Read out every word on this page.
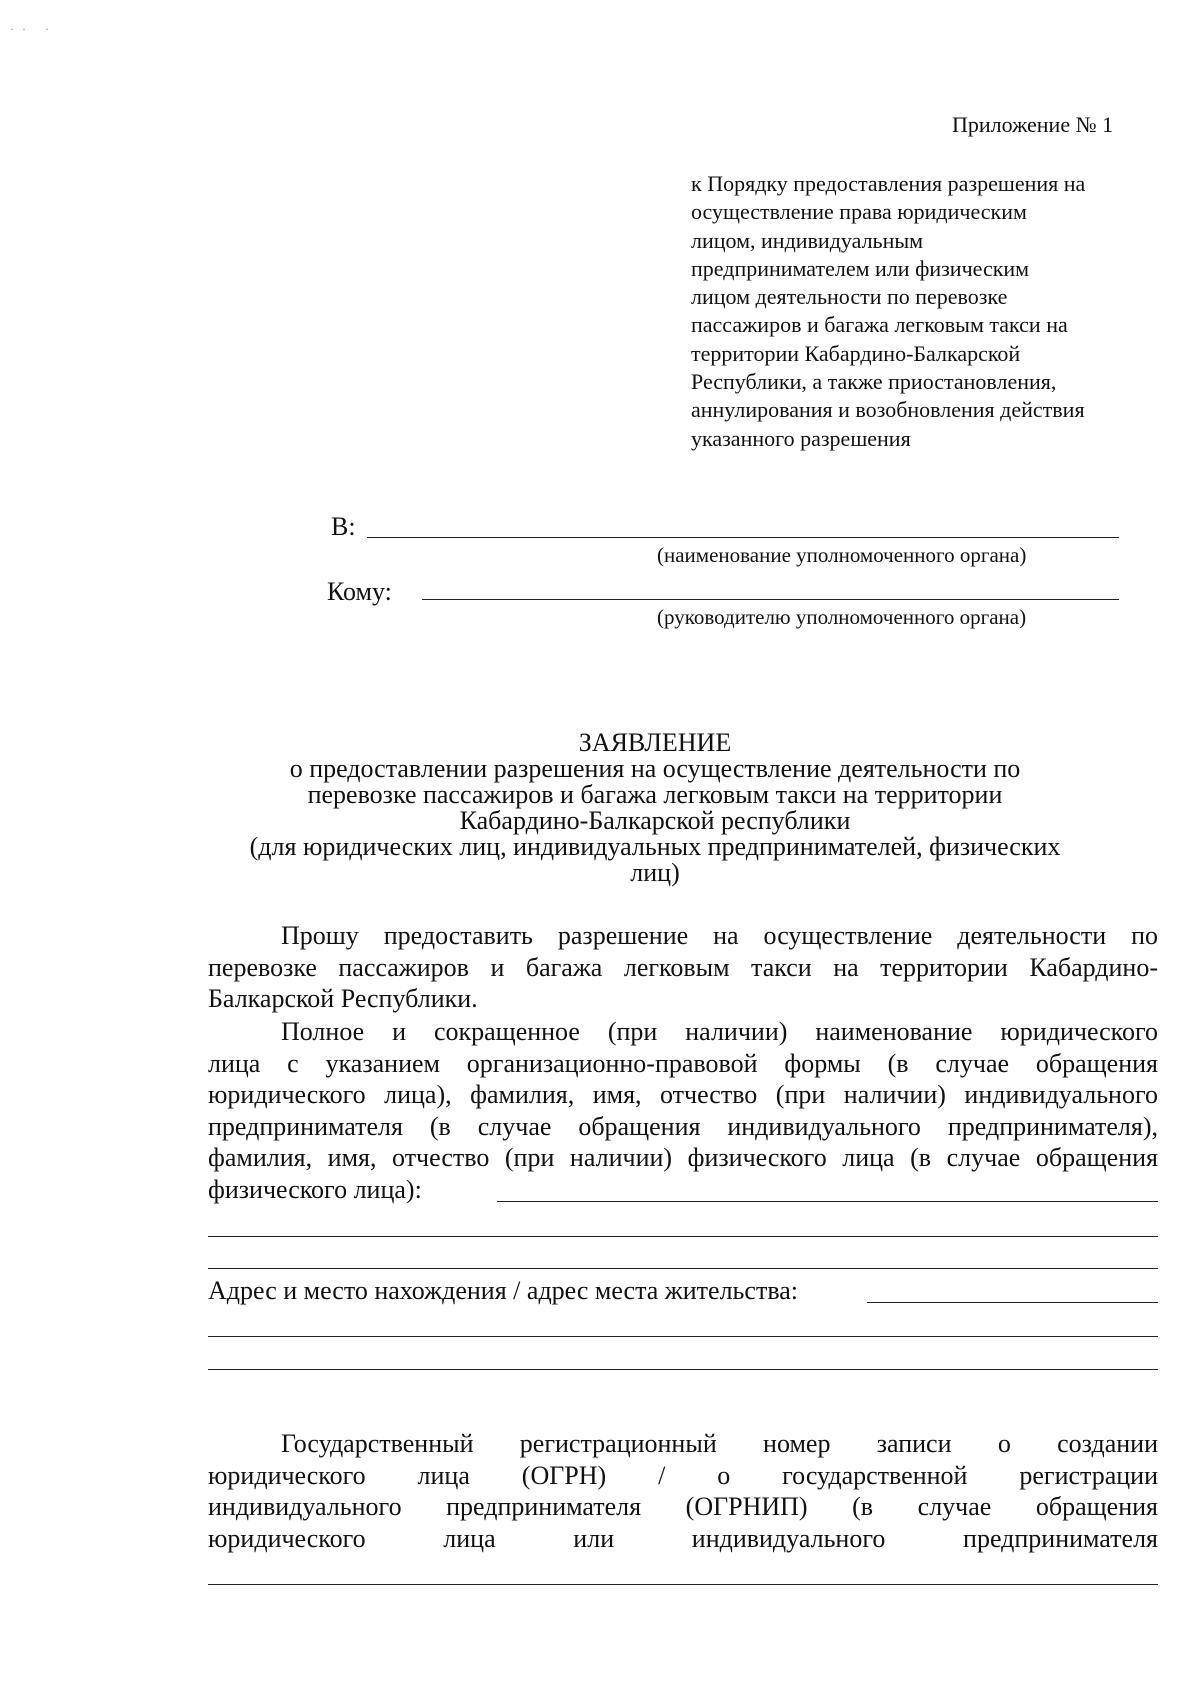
·· ·
Приложение № 1
к Порядку предоставления разрешения на
осуществление права юридическим
лицом, индивидуальным
предпринимателем или физическим
лицом деятельности по перевозке
пассажиров и багажа легковым такси на
территории Кабардино-Балкарской
Республики, а также приостановления,
аннулирования и возобновления действия
указанного разрешения
В:
(наименование уполномоченного органа)
Кому:
(руководителю уполномоченного органа)
ЗАЯВЛЕНИЕ
о предоставлении разрешения на осуществление деятельности по
перевозке пассажиров и багажа легковым такси на территории
Кабардино-Балкарской республики
(для юридических лиц, индивидуальных предпринимателей, физических
лиц)
Прошу предоставить разрешение на осуществление деятельности по
перевозке пассажиров и багажа легковым такси на территории Кабардино-
Балкарской Республики.
Полное и сокращенное (при наличии) наименование юридического
лица с указанием организационно-правовой формы (в случае обращения
юридического лица), фамилия, имя, отчество (при наличии) индивидуального
предпринимателя (в случае обращения индивидуального предпринимателя),
фамилия, имя, отчество (при наличии) физического лица (в случае обращения
физического лица):
Адрес и место нахождения / адрес места жительства:
Государственный регистрационный номер записи о создании
юридического лица (ОГРН) / о государственной регистрации
индивидуального предпринимателя (ОГРНИП) (в случае обращения
юридического лица или индивидуального предпринимателя
